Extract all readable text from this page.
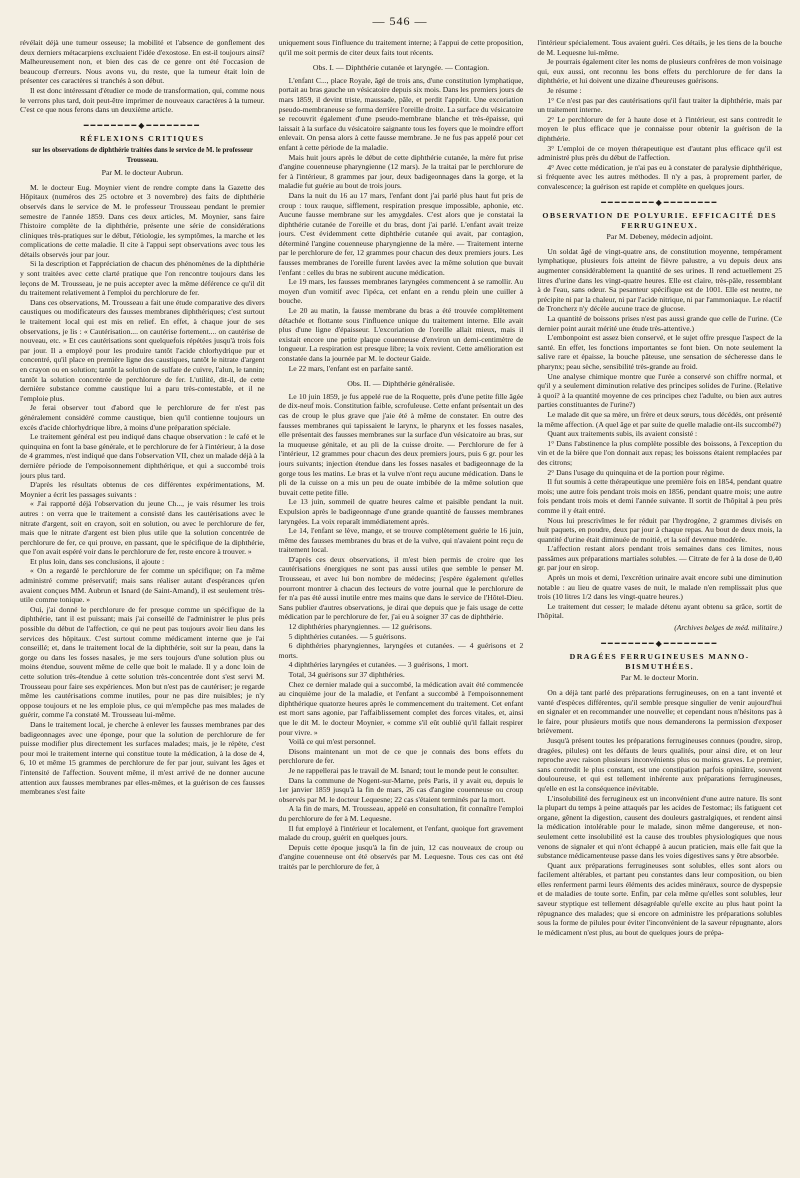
— 546 —

révélait déjà une tumeur osseuse; la mobilité et l'absence de gonflement des deux derniers métacarpiens excluaient l'idée d'exostose. En est-il toujours ainsi? Malheureusement non, et bien des cas de ce genre ont été l'occasion de beaucoup d'erreurs. Nous avons vu, du reste, que la tumeur était loin de présenter ces caractères si tranchés à son début.

Il est donc intéressant d'étudier ce mode de transformation, qui, comme nous le verrons plus tard, doit peut-être imprimer de nouveaux caractères à la tumeur. C'est ce que nous ferons dans un deuxième article.

━━━━━━━━◆━━━━━━━━
RÉFLEXIONS CRITIQUES
sur les observations de diphthérie traitées dans le service de M. le professeur Trousseau.
Par M. le docteur Aubrun.

M. le docteur Eug. Moynier vient de rendre compte dans la Gazette des Hôpitaux (numéros des 25 octobre et 3 novembre) des faits de diphthérie observés dans le service de M. le professeur Trousseau pendant le premier semestre de l'année 1859. Dans ces deux articles, M. Moynier, sans faire l'histoire complète de la diphthérie, présente une série de considérations cliniques très-pratiques sur le début, l'étiologie, les symptômes, la marche et les complications de cette maladie. Il cite à l'appui sept observations avec tous les détails observés jour par jour.

Si la description et l'appréciation de chacun des phénomènes de la diphthérie y sont traitées avec cette clarté pratique que l'on rencontre toujours dans les leçons de M. Trousseau, je ne puis accepter avec la même déférence ce qu'il dit du traitement relativement à l'emploi du perchlorure de fer.

Dans ces observations, M. Trousseau a fait une étude comparative des divers caustiques ou modificateurs des fausses membranes diphthériques; c'est surtout le traitement local qui est mis en relief. En effet, à chaque jour de ses observations, je lis : « Cautérisation.... on cautérise fortement.... on cautérise de nouveau, etc. » Et ces cautérisations sont quelquefois répétées jusqu'à trois fois par jour. Il a employé pour les produire tantôt l'acide chlorhydrique pur et concentré, qu'il place en première ligne des caustiques, tantôt le nitrate d'argent en crayon ou en solution; tantôt la solution de sulfate de cuivre, l'alun, le tannin; tantôt la solution concentrée de perchlorure de fer. L'utilité, dit-il, de cette dernière substance comme caustique lui a paru très-contestable, et il ne l'emploie plus.

Je ferai observer tout d'abord que le perchlorure de fer n'est pas généralement considéré comme caustique, bien qu'il contienne toujours un excès d'acide chlorhydrique libre, à moins d'une préparation spéciale.

Le traitement général est peu indiqué dans chaque observation : le café et le quinquina en font la base générale, et le perchlorure de fer à l'intérieur, à la dose de 4 grammes, n'est indiqué que dans l'observation VII, chez un malade déjà à la dernière période de l'empoisonnement diphthérique, et qui a succombé trois jours plus tard.

D'après les résultats obtenus de ces différentes expérimentations, M. Moynier a écrit les passages suivants :

« J'ai rapporté déjà l'observation du jeune Ch..., je vais résumer les trois autres : on verra que le traitement a consisté dans les cautérisations avec le nitrate d'argent, soit en crayon, soit en solution, ou avec le perchlorure de fer, mais que le nitrate d'argent est bien plus utile que la solution concentrée de perchlorure de fer, ce qui prouve, en passant, que le spécifique de la diphthérie, que l'on avait espéré voir dans le perchlorure de fer, reste encore à trouver. »

Et plus loin, dans ses conclusions, il ajoute :

« On a regardé le perchlorure de fer comme un spécifique; on l'a même administré comme préservatif; mais sans réaliser autant d'espérances qu'en avaient conçues MM. Aubrun et Isnard (de Saint-Amand), il est seulement très-utile comme tonique. »

Oui, j'ai donné le perchlorure de fer presque comme un spécifique de la diphthérie, tant il est puissant; mais j'ai conseillé de l'administrer le plus près possible du début de l'affection, ce qui ne peut pas toujours avoir lieu dans les services des hôpitaux. C'est surtout comme médicament interne que je l'ai conseillé; et, dans le traitement local de la diphthérie, soit sur la peau, dans la gorge ou dans les fosses nasales, je me sers toujours d'une solution plus ou moins étendue, souvent même de celle que boit le malade. Il y a donc loin de cette solution très-étendue à cette solution très-concentrée dont s'est servi M. Trousseau pour faire ses expériences. Mon but n'est pas de cautériser; je regarde même les cautérisations comme inutiles, pour ne pas dire nuisibles; je n'y oppose toujours et ne les emploie plus, ce qui m'empêche pas mes malades de guérir, comme l'a constaté M. Trousseau lui-même.

Dans le traitement local, je cherche à enlever les fausses membranes par des badigeonnages avec une éponge, pour que la solution de perchlorure de fer puisse modifier plus directement les surfaces malades; mais, je le répète, c'est pour moi le traitement interne qui constitue toute la médication, à la dose de 4, 6, 10 et même 15 grammes de perchlorure de fer par jour, suivant les âges et l'intensité de l'affection. Souvent même, il m'est arrivé de ne donner aucune attention aux fausses membranes par elles-mêmes, et la guérison de ces fausses membranes s'est faite

uniquement sous l'influence du traitement interne; à l'appui de cette proposition, qu'il me soit permis de citer deux faits tout récents.

Obs. I. — Diphthérie cutanée et laryngée. — Contagion.

L'enfant C..., place Royale, âgé de trois ans, d'une constitution lymphatique, portait au bras gauche un vésicatoire depuis six mois. Dans les premiers jours de mars 1859, il devint triste, maussade, pâle, et perdit l'appétit. Une excoriation pseudo-membraneuse se forma derrière l'oreille droite. La surface du vésicatoire se recouvrit également d'une pseudo-membrane blanche et très-épaisse, qui laissait à la surface du vésicatoire saignante tous les foyers que le moindre effort enlevait. On pensa alors à cette fausse membrane. Je ne fus pas appelé pour cet enfant à cette période de la maladie.

Mais huit jours après le début de cette diphthérie cutanée, la mère fut prise d'angine couenneuse pharyngienne (12 mars). Je la traitai par le perchlorure de fer à l'intérieur, 8 grammes par jour, deux badigeonnages dans la gorge, et la maladie fut guérie au bout de trois jours.

Dans la nuit du 16 au 17 mars, l'enfant dont j'ai parlé plus haut fut pris de croup : toux rauque, sifflement, respiration presque impossible, aphonie, etc. Aucune fausse membrane sur les amygdales. C'est alors que je constatai la diphthérie cutanée de l'oreille et du bras, dont j'ai parlé. L'enfant avait treize jours. C'est évidemment cette diphthérie cutanée qui avait, par contagion, déterminé l'angine couenneuse pharyngienne de la mère. — Traitement interne par le perchlorure de fer, 12 grammes pour chacun des deux premiers jours. Les fausses membranes de l'oreille furent lavées avec la même solution que buvait l'enfant : celles du bras ne subirent aucune médication.

Le 19 mars, les fausses membranes laryngées commencent à se ramollir. Au moyen d'un vomitif avec l'ipéca, cet enfant en a rendu plein une cuiller à bouche.

Le 20 au matin, la fausse membrane du bras a été trouvée complètement détachée et flottante sous l'influence unique du traitement interne. Elle avait plus d'une ligne d'épaisseur. L'excoriation de l'oreille allait mieux, mais il existait encore une petite plaque couenneuse d'environ un demi-centimètre de longueur. La respiration est presque libre; la voix revient. Cette amélioration est constatée dans la journée par M. le docteur Gaide.

Le 22 mars, l'enfant est en parfaite santé.

Obs. II. — Diphthérie généralisée.

Le 10 juin 1859, je fus appelé rue de la Roquette, près d'une petite fille âgée de dix-neuf mois. Constitution faible, scrofuleuse. Cette enfant présentait un des cas de croup le plus grave que j'aie été à même de constater. En outre des fausses membranes qui tapissaient le larynx, le pharynx et les fosses nasales, elle présentait des fausses membranes sur la surface d'un vésicatoire au bras, sur la muqueuse génitale, et au pli de la cuisse droite. — Perchlorure de fer à l'intérieur, 12 grammes pour chacun des deux premiers jours, puis 6 gr. pour les jours suivants; injection étendue dans les fosses nasales et badigeonnage de la gorge tous les matins. Le bras et la vulve n'ont reçu aucune médication. Dans le pli de la cuisse on a mis un peu de ouate imbibée de la même solution que buvait cette petite fille.

Le 13 juin, sommeil de quatre heures calme et paisible pendant la nuit. Expulsion après le badigeonnage d'une grande quantité de fausses membranes laryngées. La voix reparaît immédiatement après.

Le 14, l'enfant se lève, mange, et se trouve complètement guérie le 16 juin, même des fausses membranes du bras et de la vulve, qui n'avaient point reçu de traitement local.

D'après ces deux observations, il m'est bien permis de croire que les cautérisations énergiques ne sont pas aussi utiles que semble le penser M. Trousseau, et avec lui bon nombre de médecins; j'espère également qu'elles pourront montrer à chacun des lecteurs de votre journal que le perchlorure de fer n'a pas été aussi inutile entre mes mains que dans le service de l'Hôtel-Dieu. Sans publier d'autres observations, je dirai que depuis que je fais usage de cette médication par le perchlorure de fer, j'ai eu à soigner 37 cas de diphthérie.

12 diphthéries pharyngiennes. — 12 guérisons.

5 diphthéries cutanées. — 5 guérisons.

6 diphthéries pharyngiennes, laryngées et cutanées. — 4 guérisons et 2 morts.

4 diphthéries laryngées et cutanées. — 3 guérisons, 1 mort.

Total, 34 guérisons sur 37 diphthéries.

Chez ce dernier malade qui a succombé, la médication avait été commencée au cinquième jour de la maladie, et l'enfant a succombé à l'empoisonnement diphthérique quatorze heures après le commencement du traitement. Cet enfant est mort sans agonie, par l'affaiblissement complet des forces vitales, et, ainsi que le dit M. le docteur Moynier, « comme s'il eût oublié qu'il fallait respirer pour vivre. »

Voilà ce qui m'est personnel.

Disons maintenant un mot de ce que je connais des bons effets du perchlorure de fer.

Je ne rappellerai pas le travail de M. Isnard; tout le monde peut le consulter.

Dans la commune de Nogent-sur-Marne, près Paris, il y avait eu, depuis le 1er janvier 1859 jusqu'à la fin de mars, 26 cas d'angine couenneuse ou croup observés par M. le docteur Lequesne; 22 cas s'étaient terminés par la mort.

A la fin de mars, M. Trousseau, appelé en consultation, fit connaître l'emploi du perchlorure de fer à M. Lequesne.

Il fut employé à l'intérieur et localement, et l'enfant, quoique fort gravement malade du croup, guérit en quelques jours.

Depuis cette époque jusqu'à la fin de juin, 12 cas nouveaux de croup ou d'angine couenneuse ont été observés par M. Lequesne. Tous ces cas ont été traités par le perchlorure de fer, à

l'intérieur spécialement. Tous avaient guéri. Ces détails, je les tiens de la bouche de M. Lequesne lui-même.

Je pourrais également citer les noms de plusieurs confrères de mon voisinage qui, eux aussi, ont reconnu les bons effets du perchlorure de fer dans la diphthérie, et lui doivent une dizaine d'heureuses guérisons.

Je résume :

1° Ce n'est pas par des cautérisations qu'il faut traiter la diphthérie, mais par un traitement interne.

2° Le perchlorure de fer à haute dose et à l'intérieur, est sans contredit le moyen le plus efficace que je connaisse pour obtenir la guérison de la diphthérie.

3° L'emploi de ce moyen thérapeutique est d'autant plus efficace qu'il est administré plus près du début de l'affection.

4° Avec cette médication, je n'ai pas eu à constater de paralysie diphthérique, si fréquente avec les autres méthodes. Il n'y a pas, à proprement parler, de convalescence; la guérison est rapide et complète en quelques jours.

━━━━━━━━◆━━━━━━━━
OBSERVATION DE POLYURIE. EFFICACITÉ DES FERRUGINEUX.
Par M. Debeney, médecin adjoint.

Un soldat âgé de vingt-quatre ans, de constitution moyenne, tempérament lymphatique, plusieurs fois atteint de fièvre palustre, a vu depuis deux ans augmenter considérablement la quantité de ses urines. Il rend actuellement 25 litres d'urine dans les vingt-quatre heures. Elle est claire, très-pâle, ressemblant à de l'eau, sans odeur. Sa pesanteur spécifique est de 1001. Elle est neutre, ne précipite ni par la chaleur, ni par l'acide nitrique, ni par l'ammoniaque. Le réactif de Troncherz n'y décèle aucune trace de glucose.

La quantité de boissons prises n'est pas aussi grande que celle de l'urine. (Ce dernier point aurait mérité une étude très-attentive.)

L'embonpoint est assez bien conservé, et le sujet offre presque l'aspect de la santé. En effet, les fonctions importantes se font bien. On note seulement la salive rare et épaisse, la bouche pâteuse, une sensation de sécheresse dans le pharynx; peau sèche, sensibilité très-grande au froid.

Une analyse chimique montre que l'urée a conservé son chiffre normal, et qu'il y a seulement diminution relative des principes solides de l'urine. (Relative à quoi? à la quantité moyenne de ces principes chez l'adulte, ou bien aux autres parties constituantes de l'urine?)

Le malade dit que sa mère, un frère et deux sœurs, tous décédés, ont présenté la même affection. (A quel âge et par suite de quelle maladie ont-ils succombé?)

Quant aux traitements subis, ils avaient consisté :

1° Dans l'abstinence la plus complète possible des boissons, à l'exception du vin et de la bière que l'on donnait aux repas; les boissons étaient remplacées par des citrons;

2° Dans l'usage du quinquina et de la portion pour régime.

Il fut soumis à cette thérapeutique une première fois en 1854, pendant quatre mois; une autre fois pendant trois mois en 1856, pendant quatre mois; une autre fois pendant trois mois et demi l'année suivante. Il sortit de l'hôpital à peu près comme il y était entré.

Nous lui prescrivîmes le fer réduit par l'hydrogène, 2 grammes divisés en huit paquets, en poudre, deux par jour à chaque repas. Au bout de deux mois, la quantité d'urine était diminuée de moitié, et la soif devenue modérée.

L'affection restant alors pendant trois semaines dans ces limites, nous passâmes aux préparations martiales solubles. — Citrate de fer à la dose de 0,40 gr. par jour en sirop.

Après un mois et demi, l'excrétion urinaire avait encore subi une diminution notable : au lieu de quatre vases de nuit, le malade n'en remplissait plus que trois (10 litres 1/2 dans les vingt-quatre heures.)

Le traitement dut cesser; le malade détenu ayant obtenu sa grâce, sortit de l'hôpital.

(Archives belges de méd. militaire.)
━━━━━━━━◆━━━━━━━━
DRAGÉES FERRUGINEUSES MANNO-BISMUTHÉES.
Par M. le docteur Morin.

On a déjà tant parlé des préparations ferrugineuses, on en a tant inventé et vanté d'espèces différentes, qu'il semble presque singulier de venir aujourd'hui en signaler et en recommander une nouvelle; et cependant nous n'hésitons pas à le faire, pour plusieurs motifs que nous demanderons la permission d'exposer brièvement.

Jusqu'à présent toutes les préparations ferrugineuses connues (poudre, sirop, dragées, pilules) ont les défauts de leurs qualités, pour ainsi dire, et on leur reproche avec raison plusieurs inconvénients plus ou moins graves. Le premier, sans contredit le plus constant, est une constipation parfois opiniâtre, souvent douloureuse, et qui est tellement inhérente aux préparations ferrugineuses, qu'elle en est la conséquence inévitable.

L'insolubilité des ferrugineux est un inconvénient d'une autre nature. Ils sont la plupart du temps à peine attaqués par les acides de l'estomac; ils fatiguent cet organe, gênent la digestion, causent des douleurs gastralgiques, et rendent ainsi la médication intolérable pour le malade, sinon même dangereuse, et non-seulement cette insolubilité est la cause des troubles physiologiques que nous venons de signaler et qui n'ont échappé à aucun praticien, mais elle fait que la substance médicamenteuse passe dans les voies digestives sans y être absorbée.

Quant aux préparations ferrugineuses sont solubles, elles sont alors ou facilement altérables, et partant peu constantes dans leur composition, ou bien elles renferment parmi leurs éléments des acides minéraux, source de dyspepsie et de maladies de toute sorte. Enfin, par cela même qu'elles sont solubles, leur saveur styptique est tellement désagréable qu'elle excite au plus haut point la répugnance des malades; que si encore on administre les préparations solubles sous la forme de pilules pour éviter l'inconvénient de la saveur répugnante, alors le médicament n'est plus, au bout de quelques jours de prépa-
